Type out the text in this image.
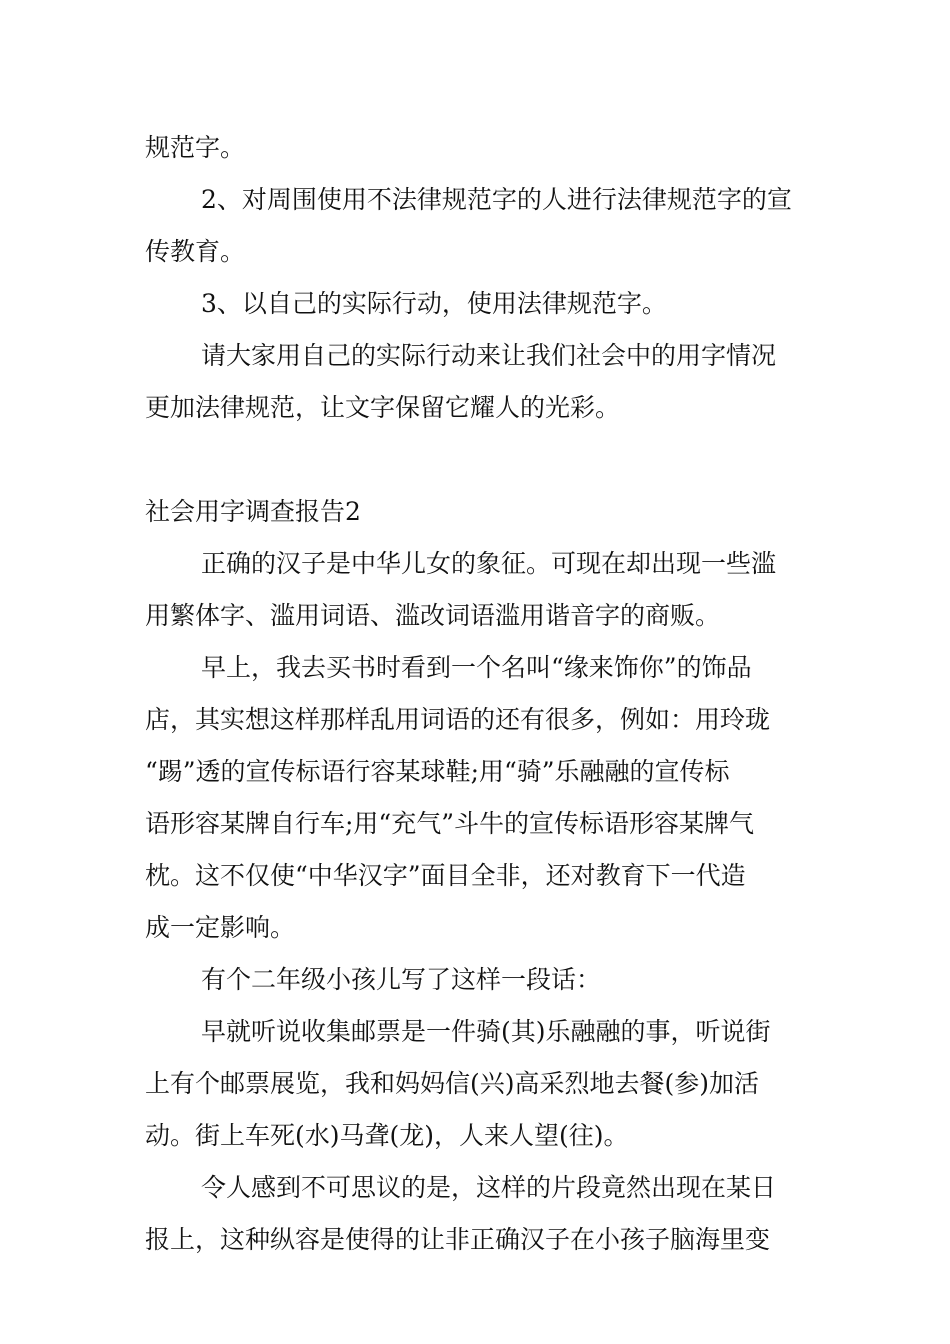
规范字。
2、对周围使用不法律规范字的人进行法律规范字的宣
传教育。
3、以自己的实际行动，使用法律规范字。
请大家用自己的实际行动来让我们社会中的用字情况
更加法律规范，让文字保留它耀人的光彩。
社会用字调查报告2
正确的汉子是中华儿女的象征。可现在却出现一些滥
用繁体字、滥用词语、滥改词语滥用谐音字的商贩。
早上，我去买书时看到一个名叫“缘来饰你”的饰品
店，其实想这样那样乱用词语的还有很多，例如：用玲珑
“踢”透的宣传标语行容某球鞋;用“骑”乐融融的宣传标
语形容某牌自行车;用“充气”斗牛的宣传标语形容某牌气
枕。这不仅使“中华汉字”面目全非，还对教育下一代造
成一定影响。
有个二年级小孩儿写了这样一段话：
早就听说收集邮票是一件骑(其)乐融融的事，听说街
上有个邮票展览，我和妈妈信(兴)高采烈地去餐(参)加活
动。街上车死(水)马聋(龙)，人来人望(往)。
令人感到不可思议的是，这样的片段竟然出现在某日
报上，这种纵容是使得的让非正确汉子在小孩子脑海里变
